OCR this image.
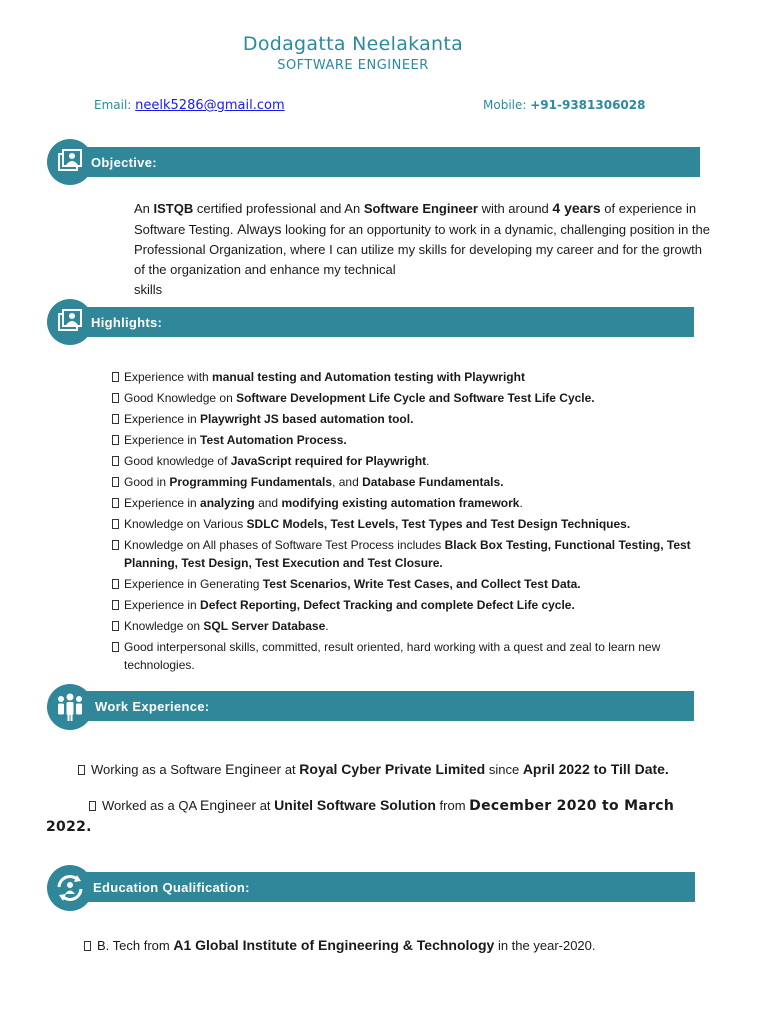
Dodagatta Neelakanta
SOFTWARE ENGINEER
Email: neelk5286@gmail.com	Mobile: +91-9381306028
Objective:
An ISTQB certified professional and An Software Engineer with around 4 years of experience in Software Testing. Always looking for an opportunity to work in a dynamic, challenging position in the Professional Organization, where I can utilize my skills for developing my career and for the growth of the organization and enhance my technical
skills
Highlights:
Experience with manual testing and Automation testing with Playwright
Good Knowledge on Software Development Life Cycle and Software Test Life Cycle.
Experience in Playwright JS based automation tool.
Experience in Test Automation Process.
Good knowledge of JavaScript required for Playwright.
Good in Programming Fundamentals, and Database Fundamentals.
Experience in analyzing and modifying existing automation framework.
Knowledge on Various SDLC Models, Test Levels, Test Types and Test Design Techniques.
Knowledge on All phases of Software Test Process includes Black Box Testing, Functional Testing, Test Planning, Test Design, Test Execution and Test Closure.
Experience in Generating Test Scenarios, Write Test Cases, and Collect Test Data.
Experience in Defect Reporting, Defect Tracking and complete Defect Life cycle.
Knowledge on SQL Server Database.
Good interpersonal skills, committed, result oriented, hard working with a quest and zeal to learn new technologies.
Work Experience:
Working as a Software Engineer at Royal Cyber Private Limited since April 2022 to Till Date.
Worked as a QA Engineer at Unitel Software Solution from December 2020 to March
2022.
Education Qualification:
B. Tech from A1 Global Institute of Engineering & Technology in the year-2020.
